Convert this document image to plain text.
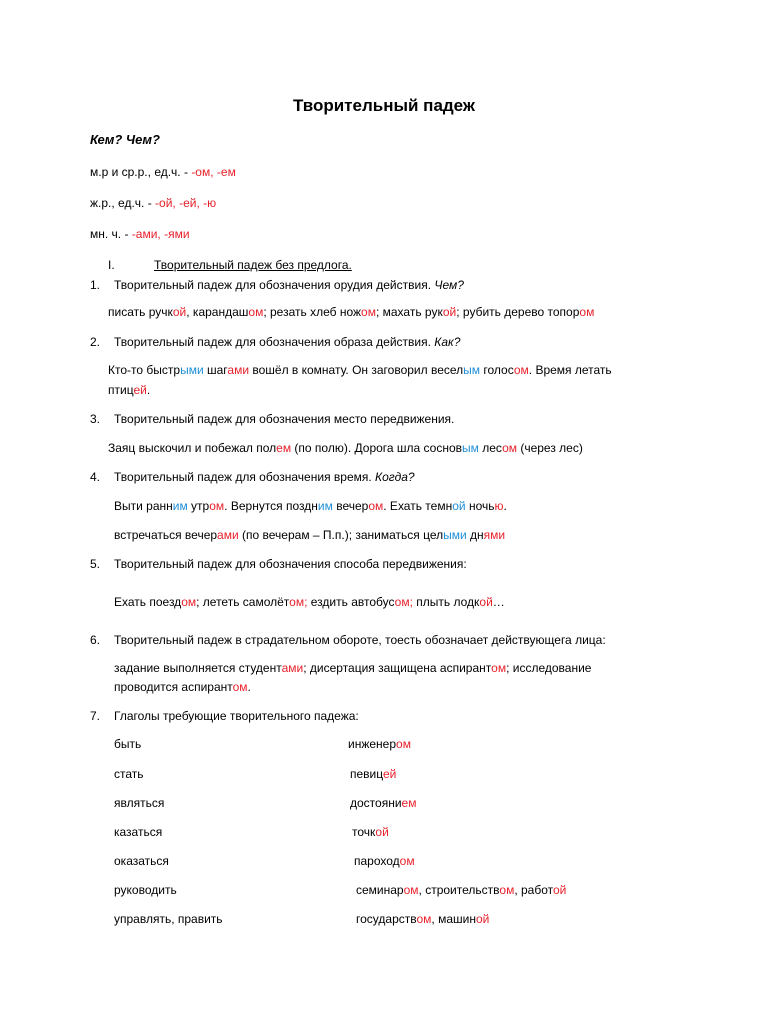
Творительный падеж
Кем? Чем?
м.р и ср.р., ед.ч. - -ом, -ем
ж.р., ед.ч. - -ой, -ей, -ю
мн. ч. - -ами, -ями
I.	Творительный падеж без предлога.
1. Творительный падеж для обозначения орудия действия. Чем?
писать ручкой, карандашом; резать хлеб ножом; махать рукой; рубить дерево топором
2. Творительный падеж для обозначения образа действия. Как?
Кто-то быстрыми шагами вошёл в комнату. Он заговорил веселым голосом. Время летать
птицей.
3. Творительный падеж для обозначения место передвижения.
Заяц выскочил и побежал полем (по полю). Дорога шла сосновым лесом (через лес)
4. Творительный падеж для обозначения время. Когда?
Выти ранним утром. Вернутся поздним вечером. Ехать темной ночью.
встречаться вечерами (по вечерам – П.п.); заниматься целыми днями
5. Творительный падеж для обозначения способа передвижения:
Ехать поездом; лететь самолётом; ездить автобусом; плыть лодкой…
6. Творительный падеж в страдательном обороте, тоесть обозначает действующега лица:
задание выполняется студентами; дисертация защищена аспирантом; исследование
проводится аспирантом.
7. Глаголы требующие творительного падежа:
быть	инженером
стать	певицей
являться	достоянием
казаться	точкой
оказаться	пароходом
руководить	семинаром, строительством, работой
управлять, править	государством, машиной
